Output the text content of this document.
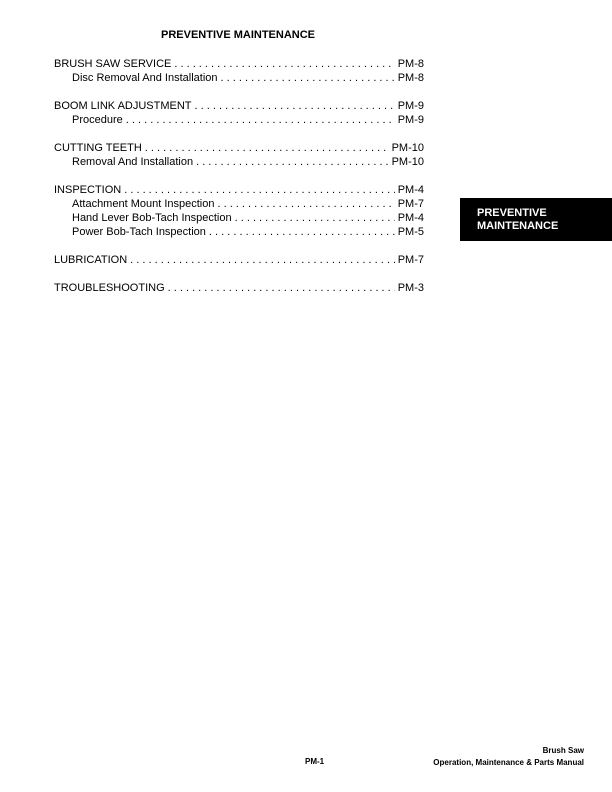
PREVENTIVE MAINTENANCE
BRUSH SAW SERVICE . . .	PM-8
Disc Removal And Installation . . .	PM-8
BOOM LINK ADJUSTMENT . . .	PM-9
Procedure . . .	PM-9
CUTTING TEETH . . .	PM-10
Removal And Installation . . .	PM-10
INSPECTION . . .	PM-4
Attachment Mount Inspection . . .	PM-7
Hand Lever Bob-Tach Inspection . . .	PM-4
Power Bob-Tach Inspection . . .	PM-5
LUBRICATION . . .	PM-7
TROUBLESHOOTING . . .	PM-3
PREVENTIVE
MAINTENANCE
PM-1
Brush Saw
Operation, Maintenance & Parts Manual
